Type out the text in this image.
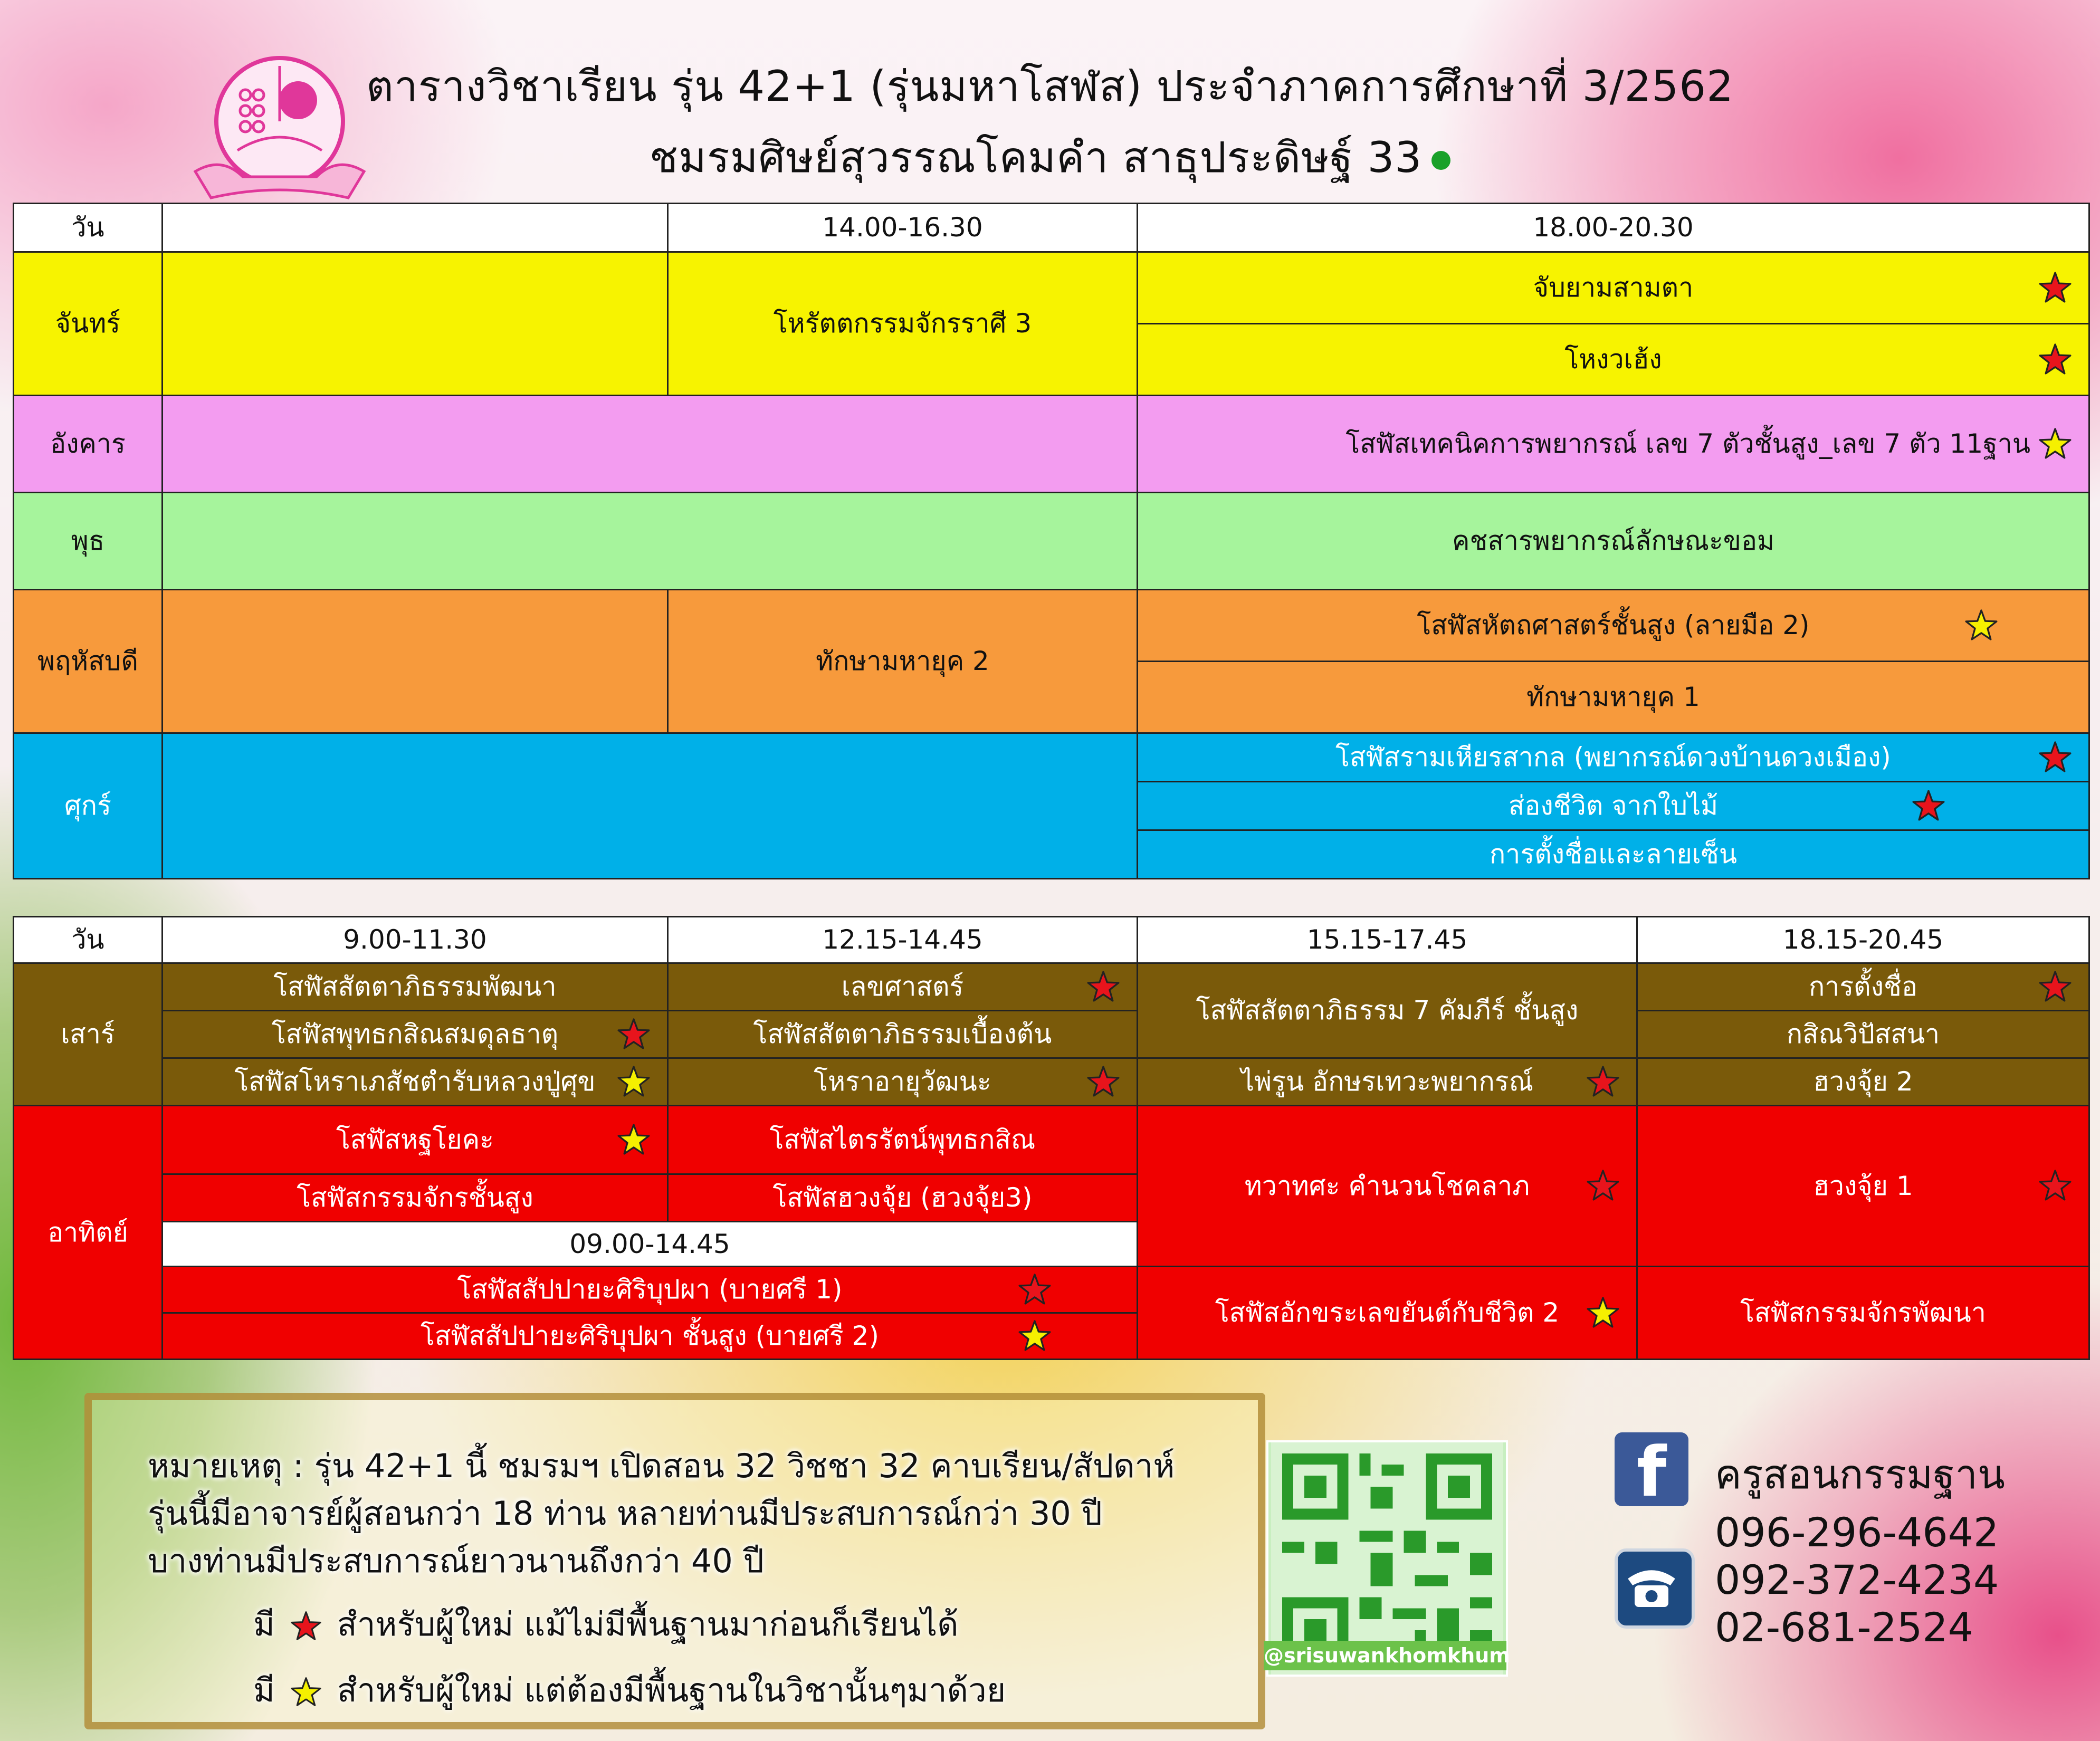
ตารางวิชาเรียน รุ่น 42+1 (รุ่นมหาโสฬส) ประจำภาคการศึกษาที่ 3/2562
ชมรมศิษย์สุวรรณโคมคำ สาธุประดิษฐ์ 33
วัน		14.00-16.30	18.00-20.30
จันทร์		โหรัตตกรรมจักรราศี 3	จับยามสามตา

			โหงวเฮ้ง

อังคาร			โสฬัสเทคนิคการพยากรณ์ เลข 7 ตัวชั้นสูง_เลข 7 ตัว 11ฐาน

พุธ			คชสารพยากรณ์ลักษณะขอม
พฤหัสบดี		ทักษามหายุค 2	โสฬัสหัตถศาสตร์ชั้นสูง (ลายมือ 2)

			ทักษามหายุค 1
ศุกร์			โสฬัสรามเหียรสากล (พยากรณ์ดวงบ้านดวงเมือง)

			ส่องชีวิต จากใบไม้

			การตั้งชื่อและลายเซ็น
วัน	9.00-11.30	12.15-14.45	15.15-17.45	18.15-20.45
เสาร์	โสฬัสสัตตาภิธรรมพัฒนา	เลขศาสตร์	โสฬัสสัตตาภิธรรม 7 คัมภีร์ ชั้นสูง	การตั้งชื่อ

	โสฬัสพุทธกสิณสมดุลธาตุ	โสฬัสสัตตาภิธรรมเบื้องต้น		กสิณวิปัสสนา
	โสฬัสโหราเภสัชตำรับหลวงปู่ศุข	โหราอายุวัฒนะ	ไพ่รูน อักษรเทวะพยากรณ์	ฮวงจุ้ย 2
อาทิตย์	โสฬัสหฐโยคะ	โสฬัสไตรรัตน์พุทธกสิณ	ทวาทศะ คำนวนโชคลาภ	ฮวงจุ้ย 1

	โสฬัสกรรมจักรชั้นสูง	โสฬัสฮวงจุ้ย (ฮวงจุ้ย3)		
	09.00-14.45			
	โสฬัสสัปปายะศิริบุปผา (บายศรี 1)		โสฬัสอักขระเลขยันต์กับชีวิต 2	โสฬัสกรรมจักรพัฒนา
	โสฬัสสัปปายะศิริบุปผา ชั้นสูง (บายศรี 2)			
หมายเหตุ : รุ่น 42+1 นี้ ชมรมฯ เปิดสอน 32 วิชชา 32 คาบเรียน/สัปดาห์
รุ่นนี้มีอาจารย์ผู้สอนกว่า 18 ท่าน หลายท่านมีประสบการณ์กว่า 30 ปี
บางท่านมีประสบการณ์ยาวนานถึงกว่า 40 ปี
มี สำหรับผู้ใหม่ แม้ไม่มีพื้นฐานมาก่อนก็เรียนได้
มี สำหรับผู้ใหม่ แต่ต้องมีพื้นฐานในวิชานั้นๆมาด้วย
@srisuwankhomkhum
f	ครูสอนกรรมฐาน
096-296-4642
092-372-4234
02-681-2524
